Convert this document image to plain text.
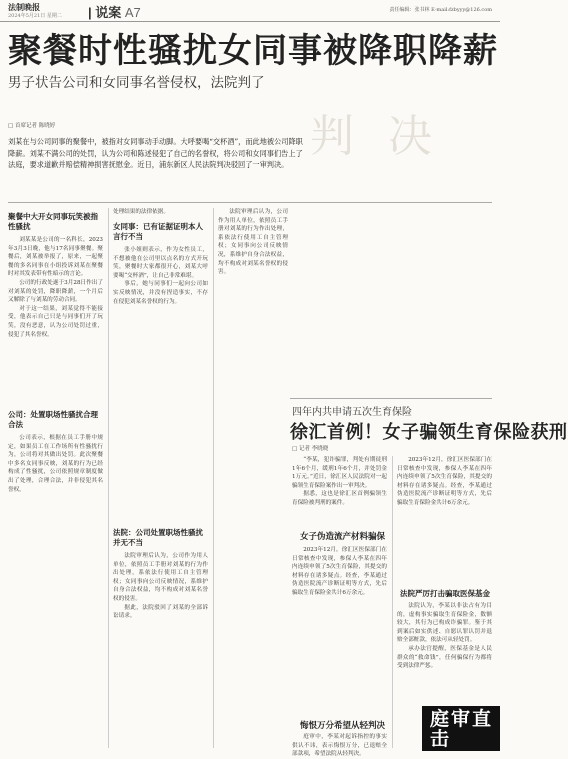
法制晚报
2024年5月21日 星期二 | 说案 A7	责任编辑：张书林 E-mail:fzbyyy@126.com
聚餐时性骚扰女同事被降职降薪
男子状告公司和女同事名誉侵权，法院判了
判 决
□ 首席记者 陈晓婷
刘某在与公司同事的聚餐中，被指对女同事动手动脚。大呼要喝“交杯酒”，而此地被公司降职降薪。刘某不满公司的处罚，认为公司和陈述侵犯了自己的名誉权，将公司和女同事们告上了法庭，要求道歉并赔偿精神损害抚慰金。近日，浦东新区人民法院判决驳回了一审判决。
聚餐中大开女同事玩笑被指性骚扰

刘某某是公司的一名科长，2023年3月3日晚，他与17名同事聚餐。聚餐后，刘某被举报了，原来，一起聚餐的多名同事在小组投诉刘某在聚餐时对其发表带有性暗示的言论。

公司的行政处遂于3月28日作出了对刘某的处罚，降职降薪，一个月后又解除了与刘某的劳动合同。

对于这一结果，刘某觉得不能接受，他表示自己只是与同事们开了玩笑，没有恶意，认为公司处罚过重，侵犯了其名誉权。

公司：处置职场性骚扰合理合法

公司表示，根据在员工手册中规定，如果员工在工作场所有性骚扰行为，公司将对其做出处罚。此次聚餐中多名女同事反映，刘某的行为已经构成了性骚扰，公司依照规章制度做出了处理，合理合法，并非侵犯其名誉权。

处理结果的法律依据。
女同事：已有证据证明本人言行不当

张小姐则表示，作为女性员工，不想被他在公司里以点名的方式开玩笑，聚餐时大家都很开心，刘某大呼要喝“交杯酒”，让自己非常难堪。

事后，她与同事们一起向公司如实反映情况，并没有捏造事实，不存在侵犯刘某名誉权的行为。

法院：公司处置职场性骚扰并无不当

法院审理后认为，公司作为用人单位，依照员工手册对刘某的行为作出处理，系依法行使用工自主管理权；女同事向公司反映情况，系维护自身合法权益，均不构成对刘某名誉权的侵害。

据此，法院驳回了刘某的全部诉讼请求。

法院审理后认为，公司作为用人单位，依照员工手册对刘某的行为作出处理，系依法行使用工自主管理权；女同事向公司反映情况，系维护自身合法权益，均不构成对刘某名誉权的侵害。

四年内共申请五次生育保险
徐汇首例！女子骗领生育保险获刑
□ 记者 李晓晓

“李某，犯诈骗罪，判处有期徒刑1年6个月，缓刑1年6个月，并处罚金1万元。”近日，徐汇区人民法院对一起骗领生育保险案作出一审判决。

据悉，这也是徐汇区首例骗领生育保险被判刑的案件。

女子伪造流产材料骗保

2023年12月，徐汇区医保部门在日常核查中发现，参保人李某在四年内连续申领了5次生育保险，其提交的材料存在诸多疑点。经查，李某通过伪造医院流产诊断证明等方式，先后骗取生育保险金共计6万余元。

悔恨万分希望从轻判决

庭审中，李某对起诉指控的事实供认不讳，表示悔恨万分，已退赔全部款项，希望法院从轻判决。

2023年12月，徐汇区医保部门在日常核查中发现，参保人李某在四年内连续申领了5次生育保险，其提交的材料存在诸多疑点。经查，李某通过伪造医院流产诊断证明等方式，先后骗取生育保险金共计6万余元。

法院严厉打击骗取医保基金

法院认为，李某以非法占有为目的，虚构事实骗取生育保险金，数额较大，其行为已构成诈骗罪。鉴于其到案后如实供述、自愿认罪认罚并退赔全部赃款，依法可从轻处罚。

承办法官提醒，医保基金是人民群众的“救命钱”，任何骗保行为都将受到法律严惩。

庭审直击
